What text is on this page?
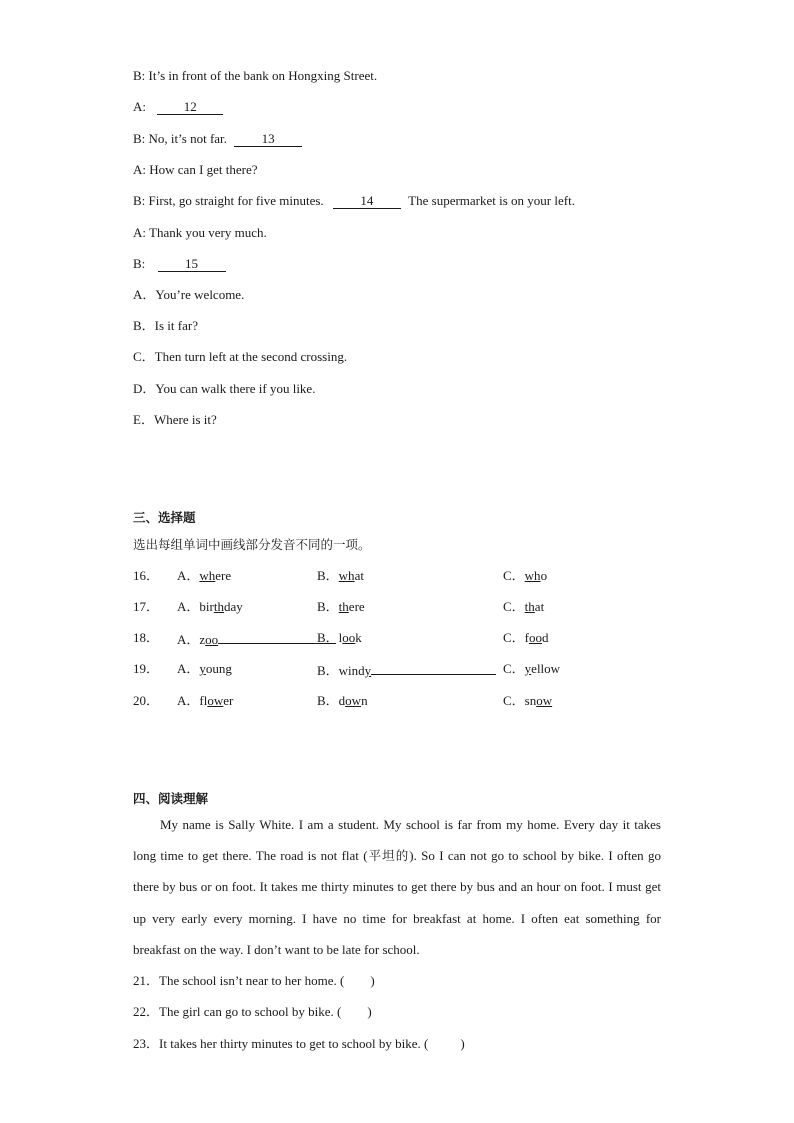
B: It’s in front of the bank on Hongxing Street.
A:	12
B: No, it’s not far.	13
A: How can I get there?
B: First, go straight for five minutes.	14	The supermarket is on your left.
A: Thank you very much.
B:	15
A．You’re welcome.
B．Is it far?
C．Then turn left at the second crossing.
D．You can walk there if you like.
E．Where is it?
三、选择题
选出每组单词中画线部分发音不同的一项。
16． A．where	B．what	C．who
17． A．birthday	B．there	C．that
18． A．zoo	B．look	C．food
19． A．young	B．windy	C．yellow
20． A．flower	B．down	C．snow
四、阅读理解

My name is Sally White. I am a student. My school is far from my home. Every day it takes long time to get there. The road is not flat (平坦的). So I can not go to school by bike. I often go there by bus or on foot. It takes me thirty minutes to get there by bus and an hour on foot. I must get up very early every morning. I have no time for breakfast at home. I often eat something for breakfast on the way. I don’t want to be late for school.

21．The school isn’t near to her home. ( )
22．The girl can go to school by bike. ( )
23．It takes her thirty minutes to get to school by bike. ( )
